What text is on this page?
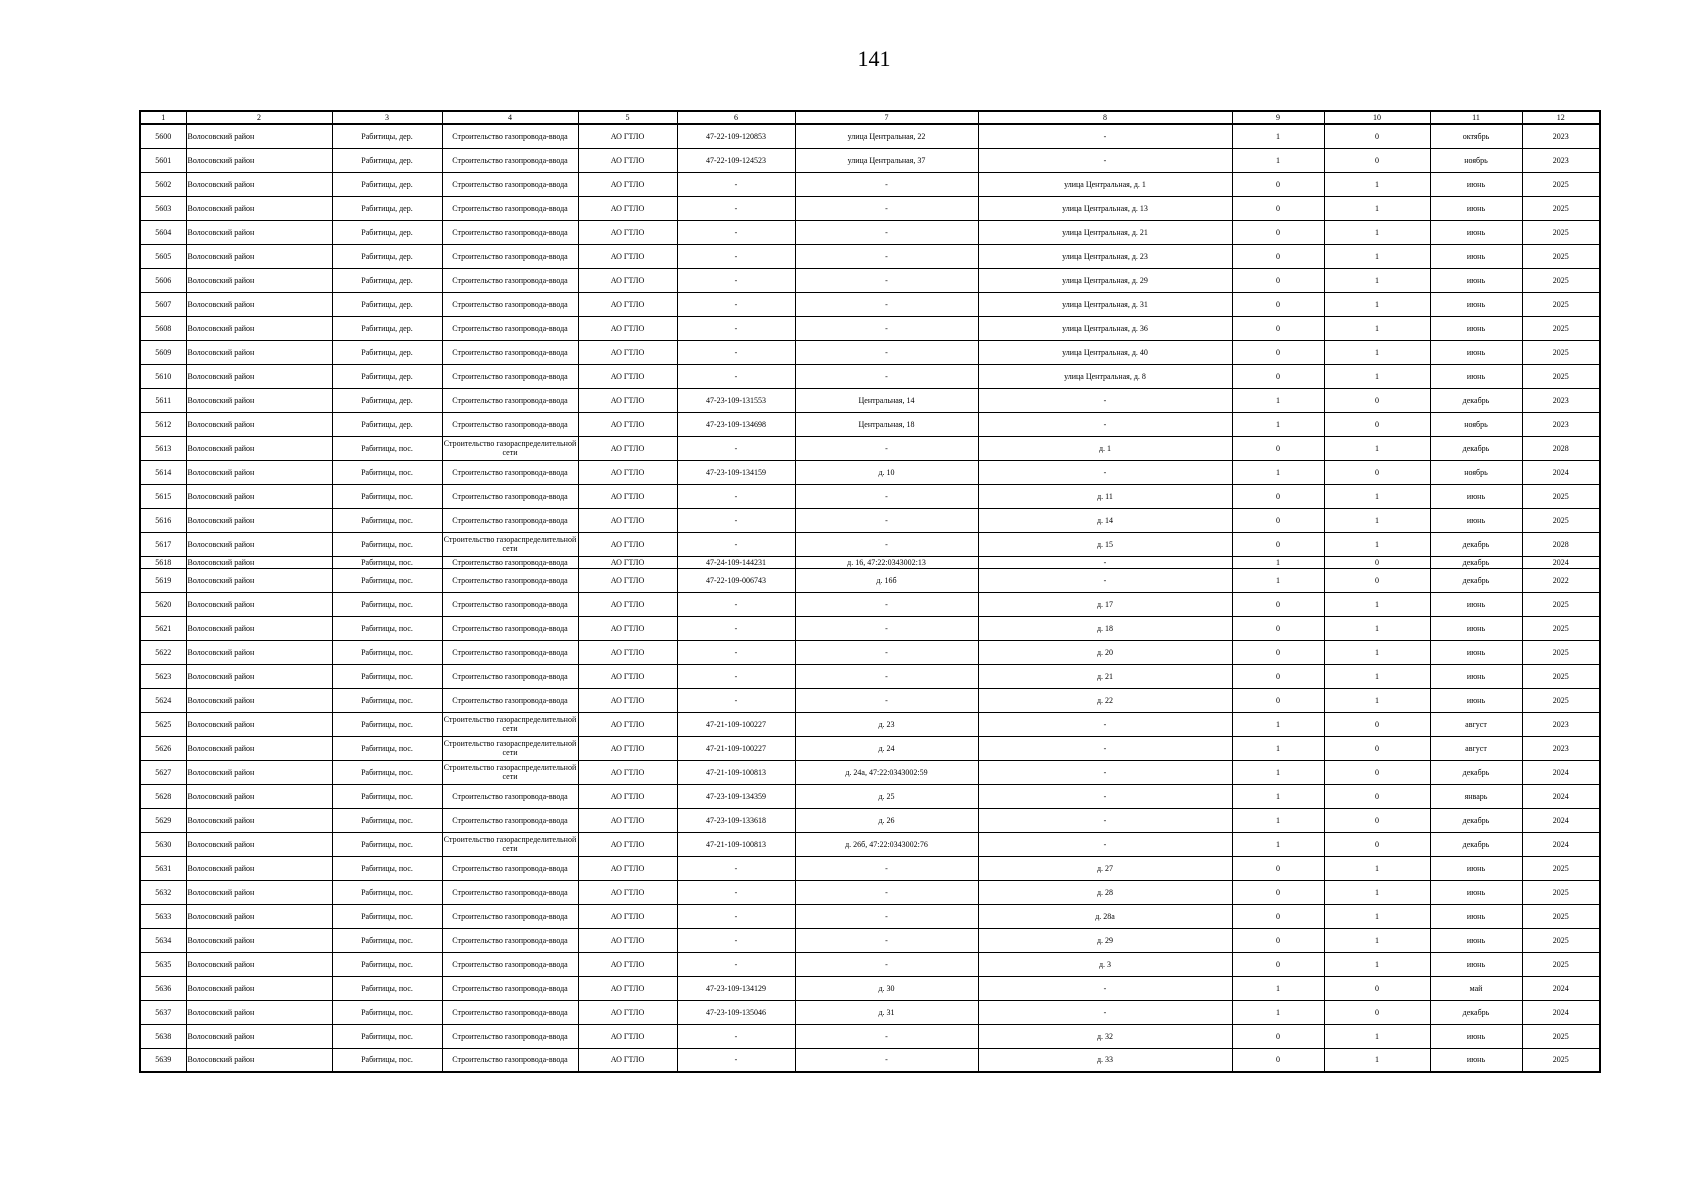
141
1	2	3	4	5	6	7	8	9	10	11	12
5600	Волосовский район	Рабитицы, дер.	Строительство газопровода-ввода	АО ГТЛО	47-22-109-120853	улица Центральная, 22	-	1	0	октябрь	2023
5601	Волосовский район	Рабитицы, дер.	Строительство газопровода-ввода	АО ГТЛО	47-22-109-124523	улица Центральная, 37	-	1	0	ноябрь	2023
5602	Волосовский район	Рабитицы, дер.	Строительство газопровода-ввода	АО ГТЛО	-	-	улица Центральная, д. 1	0	1	июнь	2025
5603	Волосовский район	Рабитицы, дер.	Строительство газопровода-ввода	АО ГТЛО	-	-	улица Центральная, д. 13	0	1	июнь	2025
5604	Волосовский район	Рабитицы, дер.	Строительство газопровода-ввода	АО ГТЛО	-	-	улица Центральная, д. 21	0	1	июнь	2025
5605	Волосовский район	Рабитицы, дер.	Строительство газопровода-ввода	АО ГТЛО	-	-	улица Центральная, д. 23	0	1	июнь	2025
5606	Волосовский район	Рабитицы, дер.	Строительство газопровода-ввода	АО ГТЛО	-	-	улица Центральная, д. 29	0	1	июнь	2025
5607	Волосовский район	Рабитицы, дер.	Строительство газопровода-ввода	АО ГТЛО	-	-	улица Центральная, д. 31	0	1	июнь	2025
5608	Волосовский район	Рабитицы, дер.	Строительство газопровода-ввода	АО ГТЛО	-	-	улица Центральная, д. 36	0	1	июнь	2025
5609	Волосовский район	Рабитицы, дер.	Строительство газопровода-ввода	АО ГТЛО	-	-	улица Центральная, д. 40	0	1	июнь	2025
5610	Волосовский район	Рабитицы, дер.	Строительство газопровода-ввода	АО ГТЛО	-	-	улица Центральная, д. 8	0	1	июнь	2025
5611	Волосовский район	Рабитицы, дер.	Строительство газопровода-ввода	АО ГТЛО	47-23-109-131553	Центральная, 14	-	1	0	декабрь	2023
5612	Волосовский район	Рабитицы, дер.	Строительство газопровода-ввода	АО ГТЛО	47-23-109-134698	Центральная, 18	-	1	0	ноябрь	2023
5613	Волосовский район	Рабитицы, пос.	Строительство газораспределительной сети	АО ГТЛО	-	-	д. 1	0	1	декабрь	2028
5614	Волосовский район	Рабитицы, пос.	Строительство газопровода-ввода	АО ГТЛО	47-23-109-134159	д. 10	-	1	0	ноябрь	2024
5615	Волосовский район	Рабитицы, пос.	Строительство газопровода-ввода	АО ГТЛО	-	-	д. 11	0	1	июнь	2025
5616	Волосовский район	Рабитицы, пос.	Строительство газопровода-ввода	АО ГТЛО	-	-	д. 14	0	1	июнь	2025
5617	Волосовский район	Рабитицы, пос.	Строительство газораспределительной сети	АО ГТЛО	-	-	д. 15	0	1	декабрь	2028
5618	Волосовский район	Рабитицы, пос.	Строительство газопровода-ввода	АО ГТЛО	47-24-109-144231	д. 16, 47:22:0343002:13	-	1	0	декабрь	2024
5619	Волосовский район	Рабитицы, пос.	Строительство газопровода-ввода	АО ГТЛО	47-22-109-006743	д. 16б	-	1	0	декабрь	2022
5620	Волосовский район	Рабитицы, пос.	Строительство газопровода-ввода	АО ГТЛО	-	-	д. 17	0	1	июнь	2025
5621	Волосовский район	Рабитицы, пос.	Строительство газопровода-ввода	АО ГТЛО	-	-	д. 18	0	1	июнь	2025
5622	Волосовский район	Рабитицы, пос.	Строительство газопровода-ввода	АО ГТЛО	-	-	д. 20	0	1	июнь	2025
5623	Волосовский район	Рабитицы, пос.	Строительство газопровода-ввода	АО ГТЛО	-	-	д. 21	0	1	июнь	2025
5624	Волосовский район	Рабитицы, пос.	Строительство газопровода-ввода	АО ГТЛО	-	-	д. 22	0	1	июнь	2025
5625	Волосовский район	Рабитицы, пос.	Строительство газораспределительной сети	АО ГТЛО	47-21-109-100227	д. 23	-	1	0	август	2023
5626	Волосовский район	Рабитицы, пос.	Строительство газораспределительной сети	АО ГТЛО	47-21-109-100227	д. 24	-	1	0	август	2023
5627	Волосовский район	Рабитицы, пос.	Строительство газораспределительной сети	АО ГТЛО	47-21-109-100813	д. 24а, 47:22:0343002:59	-	1	0	декабрь	2024
5628	Волосовский район	Рабитицы, пос.	Строительство газопровода-ввода	АО ГТЛО	47-23-109-134359	д. 25	-	1	0	январь	2024
5629	Волосовский район	Рабитицы, пос.	Строительство газопровода-ввода	АО ГТЛО	47-23-109-133618	д. 26	-	1	0	декабрь	2024
5630	Волосовский район	Рабитицы, пос.	Строительство газораспределительной сети	АО ГТЛО	47-21-109-100813	д. 26б, 47:22:0343002:76	-	1	0	декабрь	2024
5631	Волосовский район	Рабитицы, пос.	Строительство газопровода-ввода	АО ГТЛО	-	-	д. 27	0	1	июнь	2025
5632	Волосовский район	Рабитицы, пос.	Строительство газопровода-ввода	АО ГТЛО	-	-	д. 28	0	1	июнь	2025
5633	Волосовский район	Рабитицы, пос.	Строительство газопровода-ввода	АО ГТЛО	-	-	д. 28а	0	1	июнь	2025
5634	Волосовский район	Рабитицы, пос.	Строительство газопровода-ввода	АО ГТЛО	-	-	д. 29	0	1	июнь	2025
5635	Волосовский район	Рабитицы, пос.	Строительство газопровода-ввода	АО ГТЛО	-	-	д. 3	0	1	июнь	2025
5636	Волосовский район	Рабитицы, пос.	Строительство газопровода-ввода	АО ГТЛО	47-23-109-134129	д. 30	-	1	0	май	2024
5637	Волосовский район	Рабитицы, пос.	Строительство газопровода-ввода	АО ГТЛО	47-23-109-135046	д. 31	-	1	0	декабрь	2024
5638	Волосовский район	Рабитицы, пос.	Строительство газопровода-ввода	АО ГТЛО	-	-	д. 32	0	1	июнь	2025
5639	Волосовский район	Рабитицы, пос.	Строительство газопровода-ввода	АО ГТЛО	-	-	д. 33	0	1	июнь	2025
